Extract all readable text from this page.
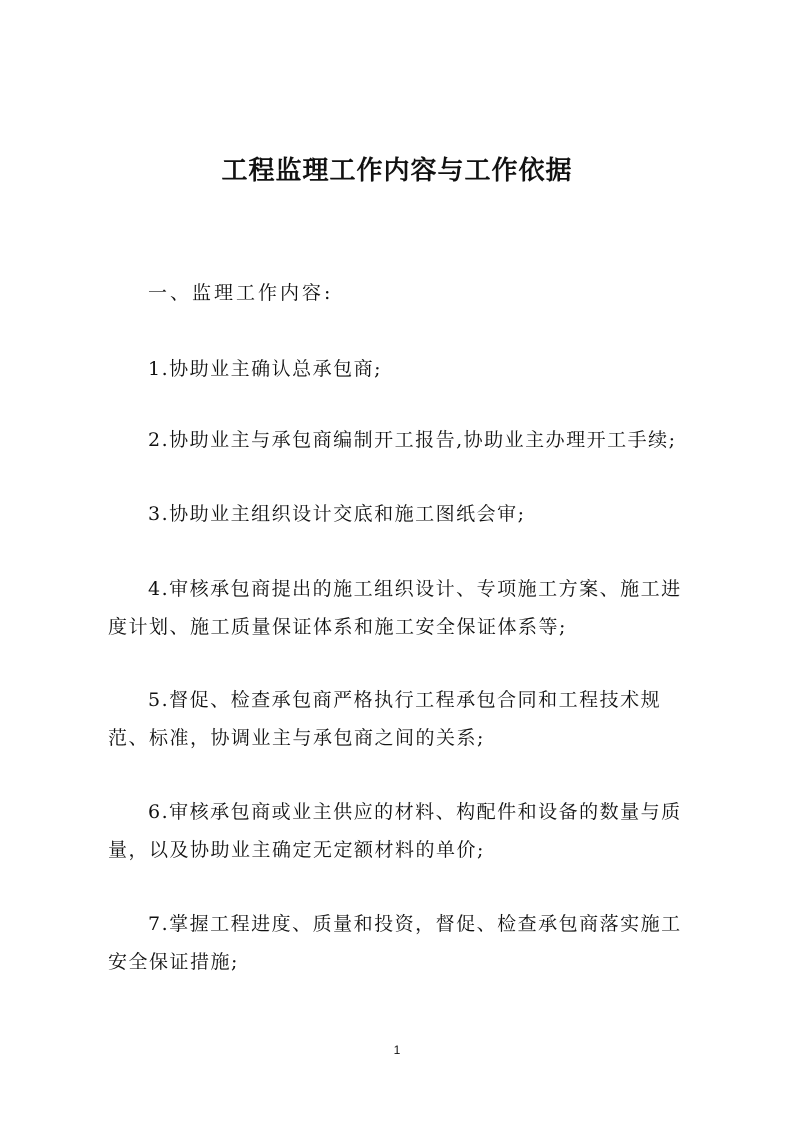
工程监理工作内容与工作依据

一、监理工作内容:

1.协助业主确认总承包商;

2.协助业主与承包商编制开工报告,协助业主办理开工手续;

3.协助业主组织设计交底和施工图纸会审;

4.审核承包商提出的施工组织设计、专项施工方案、施工进度计划、施工质量保证体系和施工安全保证体系等;

5.督促、检查承包商严格执行工程承包合同和工程技术规范、标准，协调业主与承包商之间的关系;

6.审核承包商或业主供应的材料、构配件和设备的数量与质量，以及协助业主确定无定额材料的单价;

7.掌握工程进度、质量和投资，督促、检查承包商落实施工安全保证措施;

1
